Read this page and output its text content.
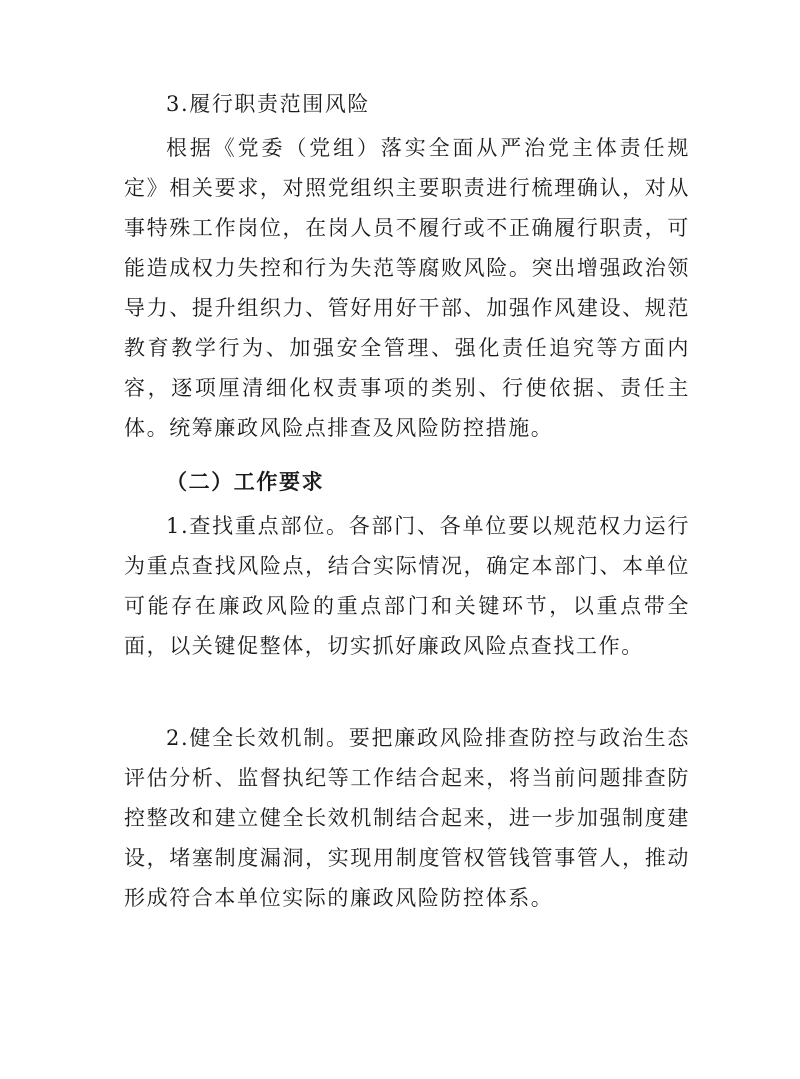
3.履行职责范围风险

根据《党委（党组）落实全面从严治党主体责任规定》相关要求，对照党组织主要职责进行梳理确认，对从事特殊工作岗位，在岗人员不履行或不正确履行职责，可能造成权力失控和行为失范等腐败风险。突出增强政治领导力、提升组织力、管好用好干部、加强作风建设、规范教育教学行为、加强安全管理、强化责任追究等方面内容，逐项厘清细化权责事项的类别、行使依据、责任主体。统筹廉政风险点排查及风险防控措施。

（二）工作要求

1.查找重点部位。各部门、各单位要以规范权力运行为重点查找风险点，结合实际情况，确定本部门、本单位可能存在廉政风险的重点部门和关键环节，以重点带全面，以关键促整体，切实抓好廉政风险点查找工作。

2.健全长效机制。要把廉政风险排查防控与政治生态评估分析、监督执纪等工作结合起来，将当前问题排查防控整改和建立健全长效机制结合起来，进一步加强制度建设，堵塞制度漏洞，实现用制度管权管钱管事管人，推动形成符合本单位实际的廉政风险防控体系。
